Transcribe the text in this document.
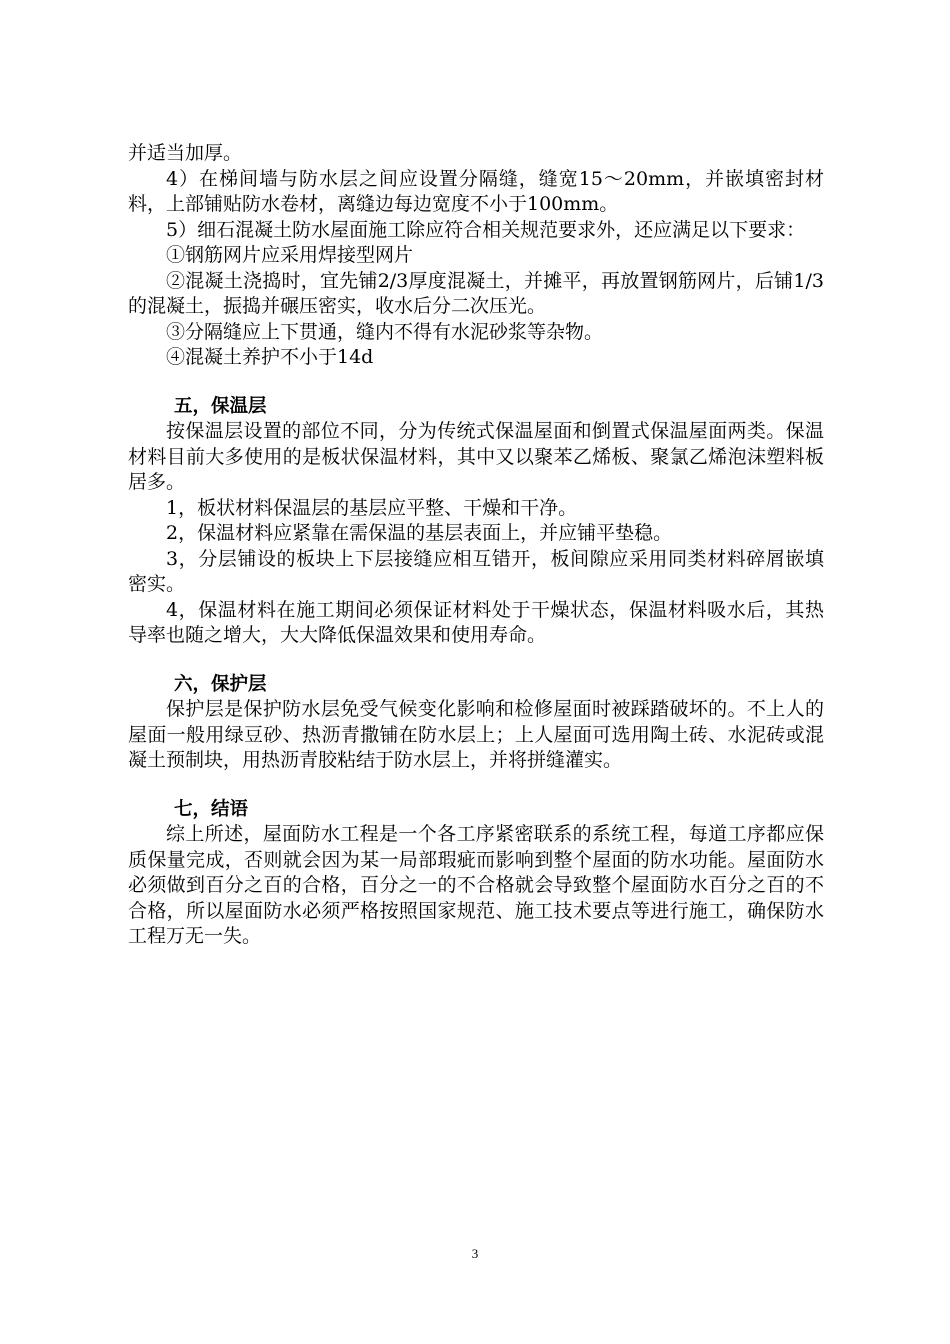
并适当加厚。

4）在梯间墙与防水层之间应设置分隔缝，缝宽15～20mm，并嵌填密封材料，上部铺贴防水卷材，离缝边每边宽度不小于100mm。

5）细石混凝土防水屋面施工除应符合相关规范要求外，还应满足以下要求：

①钢筋网片应采用焊接型网片

②混凝土浇捣时，宜先铺2/3厚度混凝土，并摊平，再放置钢筋网片，后铺1/3的混凝土，振捣并碾压密实，收水后分二次压光。

③分隔缝应上下贯通，缝内不得有水泥砂浆等杂物。

④混凝土养护不小于14d

五，保温层

按保温层设置的部位不同，分为传统式保温屋面和倒置式保温屋面两类。保温材料目前大多使用的是板状保温材料，其中又以聚苯乙烯板、聚氯乙烯泡沫塑料板居多。

1，板状材料保温层的基层应平整、干燥和干净。

2，保温材料应紧靠在需保温的基层表面上，并应铺平垫稳。

3，分层铺设的板块上下层接缝应相互错开，板间隙应采用同类材料碎屑嵌填密实。

4，保温材料在施工期间必须保证材料处于干燥状态，保温材料吸水后，其热导率也随之增大，大大降低保温效果和使用寿命。

六，保护层

保护层是保护防水层免受气候变化影响和检修屋面时被踩踏破坏的。不上人的屋面一般用绿豆砂、热沥青撒铺在防水层上；上人屋面可选用陶土砖、水泥砖或混凝土预制块，用热沥青胶粘结于防水层上，并将拼缝灌实。

七，结语

综上所述，屋面防水工程是一个各工序紧密联系的系统工程，每道工序都应保质保量完成，否则就会因为某一局部瑕疵而影响到整个屋面的防水功能。屋面防水必须做到百分之百的合格，百分之一的不合格就会导致整个屋面防水百分之百的不合格，所以屋面防水必须严格按照国家规范、施工技术要点等进行施工，确保防水工程万无一失。

3
